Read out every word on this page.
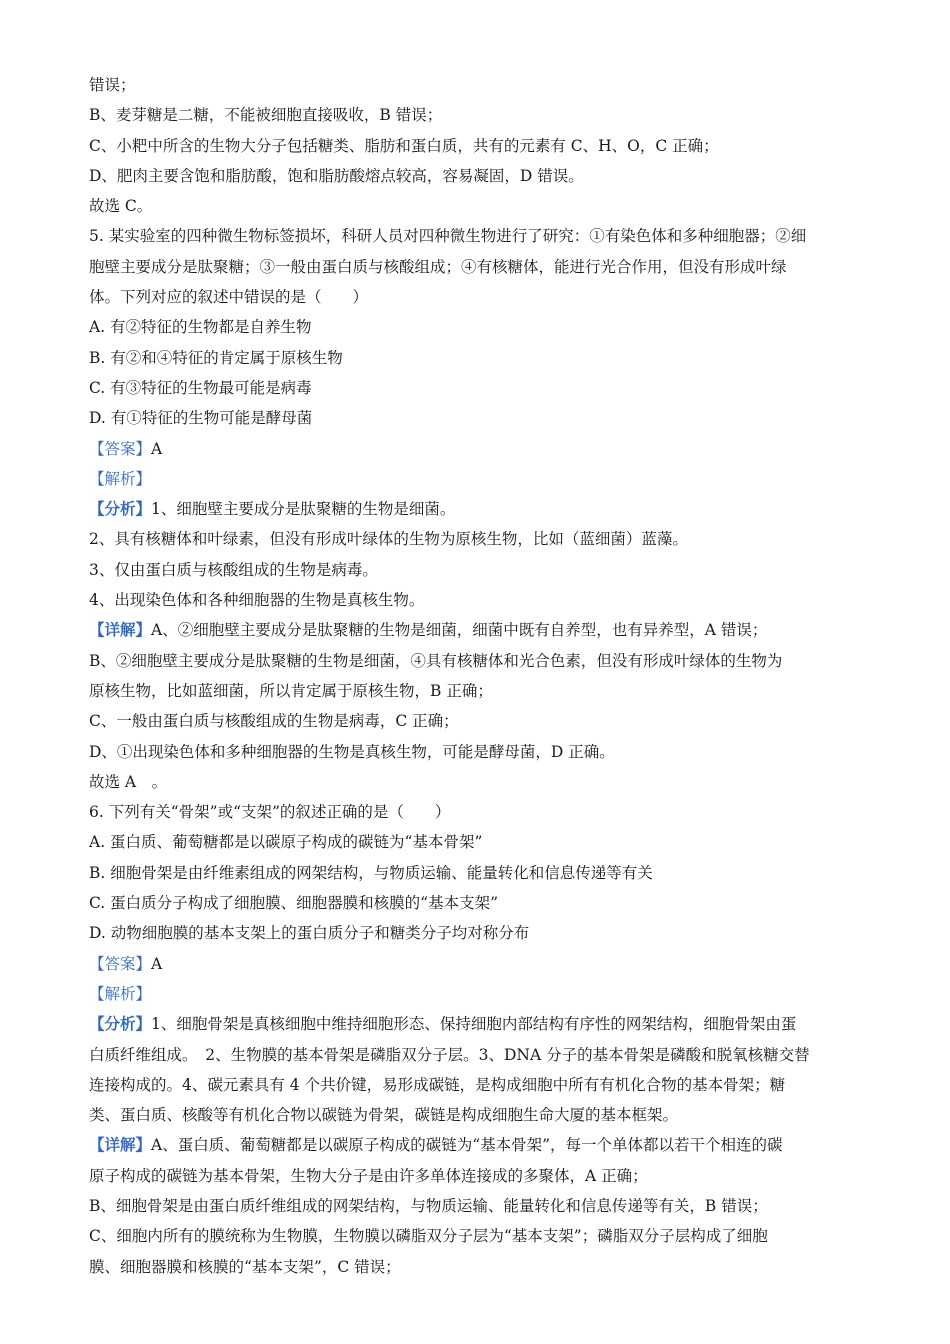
错误；
B、麦芽糖是二糖，不能被细胞直接吸收，B 错误；
C、小粑中所含的生物大分子包括糖类、脂肪和蛋白质，共有的元素有 C、H、O，C 正确；
D、肥肉主要含饱和脂肪酸，饱和脂肪酸熔点较高，容易凝固，D 错误。
故选 C。
5. 某实验室的四种微生物标签损坏，科研人员对四种微生物进行了研究：①有染色体和多种细胞器；②细
胞壁主要成分是肽聚糖；③一般由蛋白质与核酸组成；④有核糖体，能进行光合作用，但没有形成叶绿
体。下列对应的叙述中错误的是（　　）
A. 有②特征的生物都是自养生物
B. 有②和④特征的肯定属于原核生物
C. 有③特征的生物最可能是病毒
D. 有①特征的生物可能是酵母菌
【答案】A
【解析】
【分析】1、细胞壁主要成分是肽聚糖的生物是细菌。
2、具有核糖体和叶绿素，但没有形成叶绿体的生物为原核生物，比如（蓝细菌）蓝藻。
3、仅由蛋白质与核酸组成的生物是病毒。
4、出现染色体和各种细胞器的生物是真核生物。
【详解】A、②细胞壁主要成分是肽聚糖的生物是细菌，细菌中既有自养型，也有异养型，A 错误；
B、②细胞壁主要成分是肽聚糖的生物是细菌，④具有核糖体和光合色素，但没有形成叶绿体的生物为
原核生物，比如蓝细菌，所以肯定属于原核生物，B 正确；
C、一般由蛋白质与核酸组成的生物是病毒，C 正确；
D、①出现染色体和多种细胞器的生物是真核生物，可能是酵母菌，D 正确。
故选 A　。
6. 下列有关“骨架”或“支架”的叙述正确的是（　　）
A. 蛋白质、葡萄糖都是以碳原子构成的碳链为“基本骨架”
B. 细胞骨架是由纤维素组成的网架结构，与物质运输、能量转化和信息传递等有关
C. 蛋白质分子构成了细胞膜、细胞器膜和核膜的“基本支架”
D. 动物细胞膜的基本支架上的蛋白质分子和糖类分子均对称分布
【答案】A
【解析】
【分析】1、细胞骨架是真核细胞中维持细胞形态、保持细胞内部结构有序性的网架结构，细胞骨架由蛋
白质纤维组成。　2、生物膜的基本骨架是磷脂双分子层。3、DNA 分子的基本骨架是磷酸和脱氧核糖交替
连接构成的。4、碳元素具有 4 个共价键，易形成碳链，是构成细胞中所有有机化合物的基本骨架；糖
类、蛋白质、核酸等有机化合物以碳链为骨架，碳链是构成细胞生命大厦的基本框架。
【详解】A、蛋白质、葡萄糖都是以碳原子构成的碳链为“基本骨架”，每一个单体都以若干个相连的碳
原子构成的碳链为基本骨架，生物大分子是由许多单体连接成的多聚体，A 正确；
B、细胞骨架是由蛋白质纤维组成的网架结构，与物质运输、能量转化和信息传递等有关，B 错误；
C、细胞内所有的膜统称为生物膜，生物膜以磷脂双分子层为“基本支架”；磷脂双分子层构成了细胞
膜、细胞器膜和核膜的“基本支架”，C 错误；
